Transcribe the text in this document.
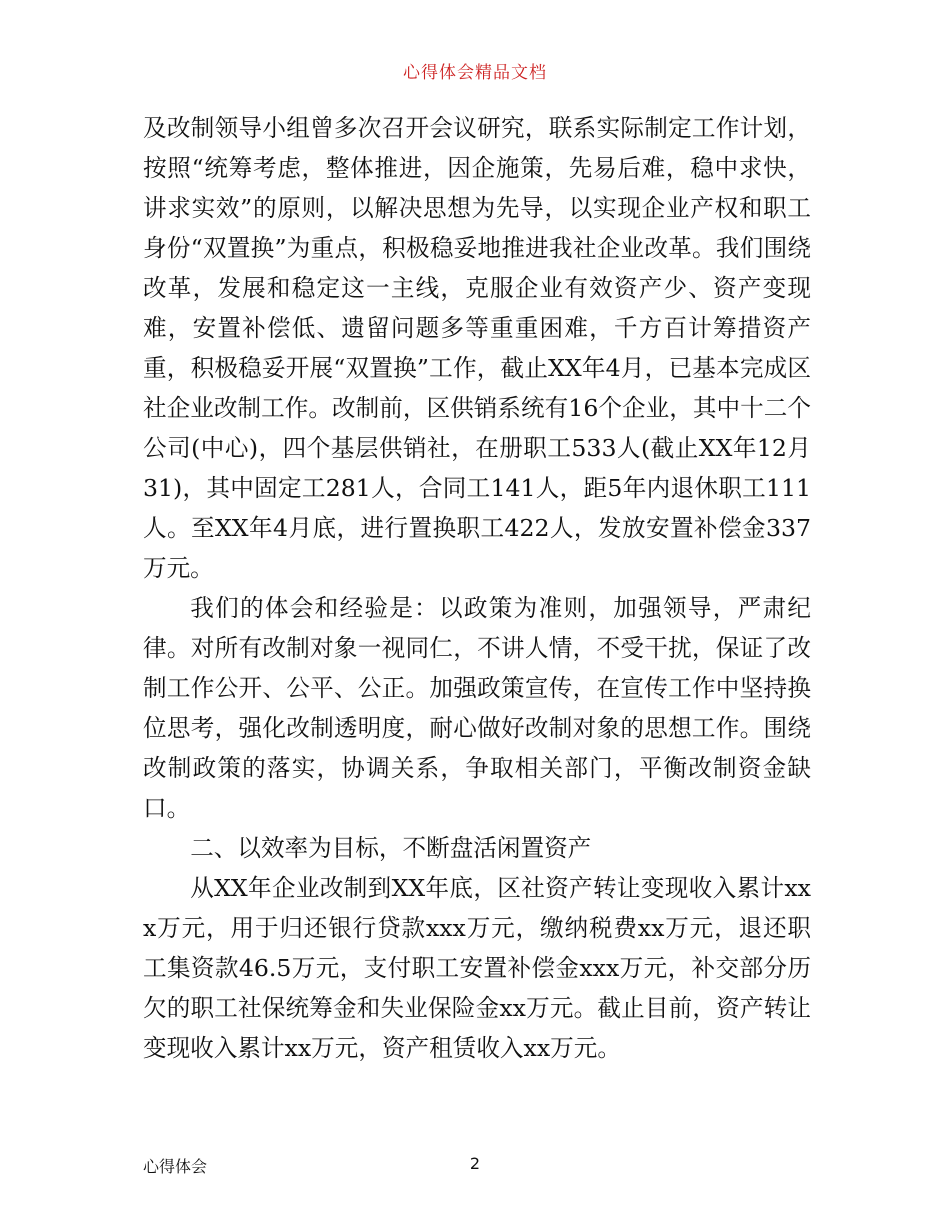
心得体会精品文档

及改制领导小组曾多次召开会议研究，联系实际制定工作计划，按照“统筹考虑，整体推进，因企施策，先易后难，稳中求快，讲求实效”的原则，以解决思想为先导，以实现企业产权和职工身份“双置换”为重点，积极稳妥地推进我社企业改革。我们围绕改革，发展和稳定这一主线，克服企业有效资产少、资产变现难，安置补偿低、遗留问题多等重重困难，千方百计筹措资产重，积极稳妥开展“双置换”工作，截止XX年4月，已基本完成区社企业改制工作。改制前，区供销系统有16个企业，其中十二个公司(中心)，四个基层供销社，在册职工533人(截止XX年12月31)，其中固定工281人，合同工141人，距5年内退休职工111人。至XX年4月底，进行置换职工422人，发放安置补偿金337万元。

我们的体会和经验是：以政策为准则，加强领导，严肃纪律。对所有改制对象一视同仁，不讲人情，不受干扰，保证了改制工作公开、公平、公正。加强政策宣传，在宣传工作中坚持换位思考，强化改制透明度，耐心做好改制对象的思想工作。围绕改制政策的落实，协调关系，争取相关部门，平衡改制资金缺口。

二、以效率为目标，不断盘活闲置资产

从XX年企业改制到XX年底，区社资产转让变现收入累计xxx万元，用于归还银行贷款xxx万元，缴纳税费xx万元，退还职工集资款46.5万元，支付职工安置补偿金xxx万元，补交部分历欠的职工社保统筹金和失业保险金xx万元。截止目前，资产转让变现收入累计xx万元，资产租赁收入xx万元。

心得体会	2
